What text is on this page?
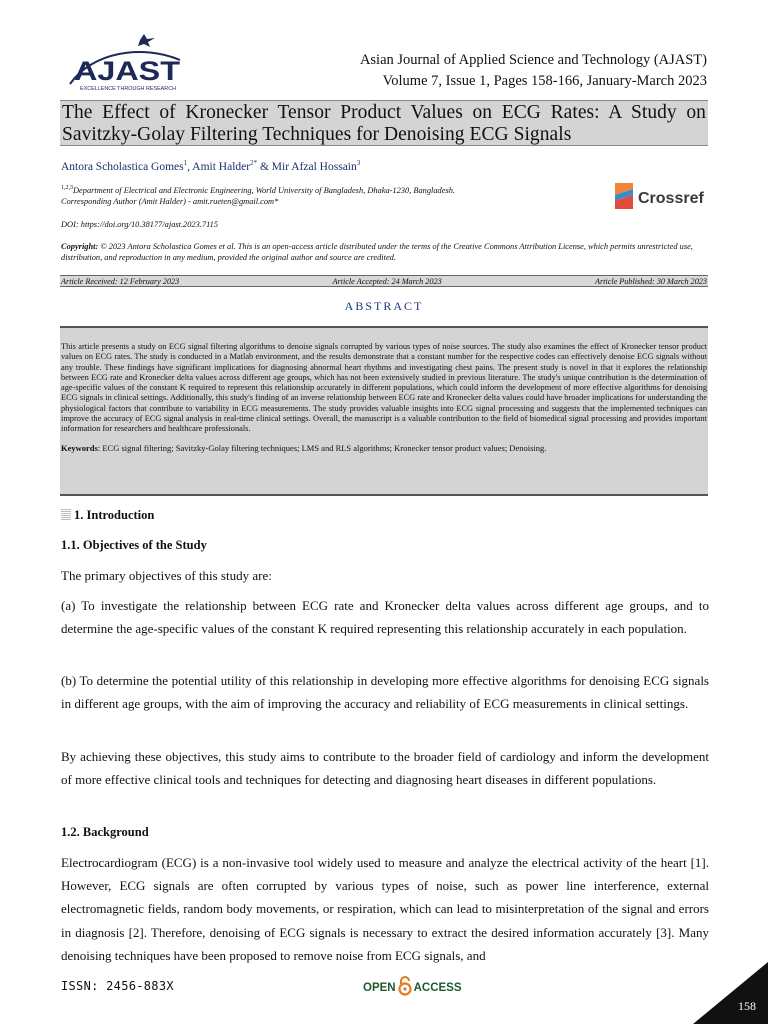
AJAST
EXCELLENCE THROUGH RESEARCH
Asian Journal of Applied Science and Technology (AJAST)
Volume 7, Issue 1, Pages 158-166, January-March 2023
The Effect of Kronecker Tensor Product Values on ECG Rates: A Study on Savitzky-Golay Filtering Techniques for Denoising ECG Signals
Antora Scholastica Gomes$^1$, Amit Halder$^{2*}$ & Mir Afzal Hossain$^3$
$^{1,2,3}$Department of Electrical and Electronic Engineering, World University of Bangladesh, Dhaka-1230, Bangladesh.
Corresponding Author (Amit Halder) - amit.rueten@gmail.com*
DOI: https://doi.org/10.38177/ajast.2023.7115
Crossref
Copyright: © 2023 Antora Scholastica Gomes et al. This is an open-access article distributed under the terms of the Creative Commons Attribution License, which permits unrestricted use, distribution, and reproduction in any medium, provided the original author and source are credited.
Article Received: 12 February 2023	Article Accepted: 24 March 2023	Article Published: 30 March 2023
ABSTRACT
This article presents a study on ECG signal filtering algorithms to denoise signals corrupted by various types of noise sources. The study also examines the effect of Kronecker tensor product values on ECG rates. The study is conducted in a Matlab environment, and the results demonstrate that a constant number for the respective codes can effectively denoise ECG signals without any trouble. These findings have significant implications for diagnosing abnormal heart rhythms and investigating chest pains. The present study is novel in that it explores the relationship between ECG rate and Kronecker delta values across different age groups, which has not been extensively studied in previous literature. The study's unique contribution is the determination of age-specific values of the constant K required to represent this relationship accurately in different populations, which could inform the development of more effective algorithms for denoising ECG signals in clinical settings. Additionally, this study's finding of an inverse relationship between ECG rate and Kronecker delta values could have broader implications for understanding the physiological factors that contribute to variability in ECG measurements. The study provides valuable insights into ECG signal processing and suggests that the implemented techniques can improve the accuracy of ECG signal analysis in real-time clinical settings. Overall, the manuscript is a valuable contribution to the field of biomedical signal processing and provides important information for researchers and healthcare professionals.
Keywords: ECG signal filtering; Savitzky-Golay filtering techniques; LMS and RLS algorithms; Kronecker tensor product values; Denoising.
1. Introduction
1.1. Objectives of the Study
The primary objectives of this study are:
(a) To investigate the relationship between ECG rate and Kronecker delta values across different age groups, and to determine the age-specific values of the constant K required representing this relationship accurately in each population.
(b) To determine the potential utility of this relationship in developing more effective algorithms for denoising ECG signals in different age groups, with the aim of improving the accuracy and reliability of ECG measurements in clinical settings.
By achieving these objectives, this study aims to contribute to the broader field of cardiology and inform the development of more effective clinical tools and techniques for detecting and diagnosing heart diseases in different populations.
1.2. Background
Electrocardiogram (ECG) is a non-invasive tool widely used to measure and analyze the electrical activity of the heart [1]. However, ECG signals are often corrupted by various types of noise, such as power line interference, external electromagnetic fields, random body movements, or respiration, which can lead to misinterpretation of the signal and errors in diagnosis [2]. Therefore, denoising of ECG signals is necessary to extract the desired information accurately [3]. Many denoising techniques have been proposed to remove noise from ECG signals, and
ISSN: 2456-883X	OPEN ACCESS
158
